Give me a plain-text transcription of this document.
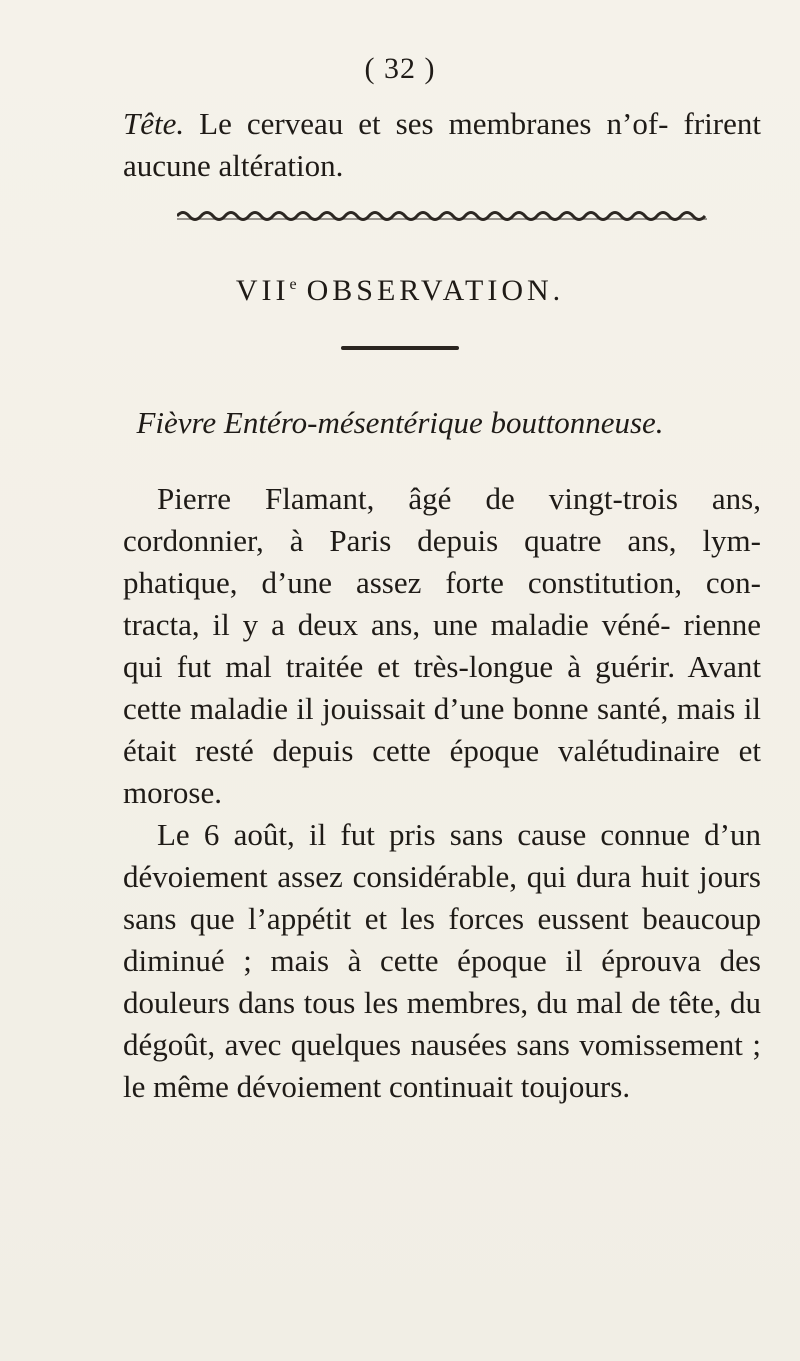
( 32 )
Tête. Le cerveau et ses membranes n’of- frirent aucune altération.
VIIe OBSERVATION.
Fièvre Entéro-mésentérique bouttonneuse.

Pierre Flamant, âgé de vingt-trois ans, cordonnier, à Paris depuis quatre ans, lym- phatique, d’une assez forte constitution, con- tracta, il y a deux ans, une maladie véné- rienne qui fut mal traitée et très-longue à guérir. Avant cette maladie il jouissait d’une bonne santé, mais il était resté depuis cette époque valétudinaire et morose.

Le 6 août, il fut pris sans cause connue d’un dévoiement assez considérable, qui dura huit jours sans que l’appétit et les forces eussent beaucoup diminué ; mais à cette époque il éprouva des douleurs dans tous les membres, du mal de tête, du dégoût, avec quelques nausées sans vomissement ; le même dévoiement continuait toujours.
